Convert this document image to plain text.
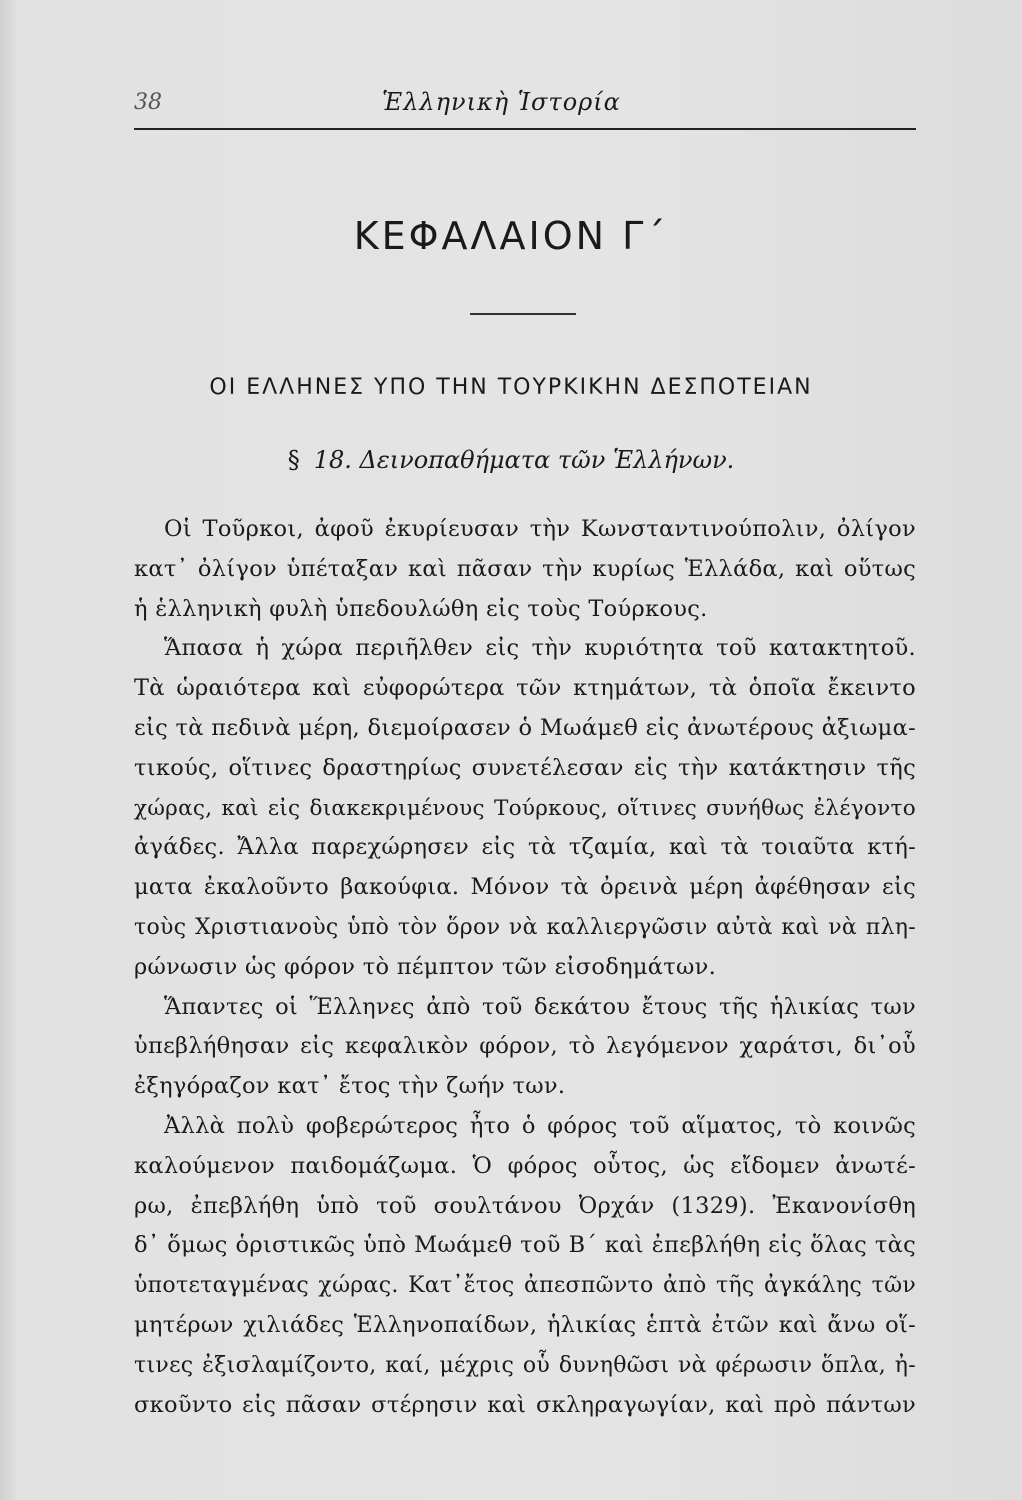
38	Ἑλληνικὴ Ἱστορία
ΚΕΦΑΛΑΙΟΝ Γ΄
ΟΙ ΕΛΛΗΝΕΣ ΥΠΟ ΤΗΝ ΤΟΥΡΚΙΚΗΝ ΔΕΣΠΟΤΕΙΑΝ
§ 18. Δεινοπαθήματα τῶν Ἑλλήνων.
Οἱ Τοῦρκοι, ἀφοῦ ἐκυρίευσαν τὴν Κωνσταντινούπολιν, ὀλίγον
κατ᾽ ὀλίγον ὑπέταξαν καὶ πᾶσαν τὴν κυρίως Ἑλλάδα, καὶ οὕτως
ἡ ἑλληνικὴ φυλὴ ὑπεδουλώθη εἰς τοὺς Τούρκους.
Ἅπασα ἡ χώρα περιῆλθεν εἰς τὴν κυριότητα τοῦ κατακτητοῦ.
Τὰ ὡραιότερα καὶ εὐφορώτερα τῶν κτημάτων, τὰ ὁποῖα ἔκειντο
εἰς τὰ πεδινὰ μέρη, διεμοίρασεν ὁ Μωάμεθ εἰς ἀνωτέρους ἀξιωμα-
τικούς, οἵτινες δραστηρίως συνετέλεσαν εἰς τὴν κατάκτησιν τῆς
χώρας, καὶ εἰς διακεκριμένους Τούρκους, οἵτινες συνήθως ἐλέγοντο
ἀγάδες. Ἄλλα παρεχώρησεν εἰς τὰ τζαμία, καὶ τὰ τοιαῦτα κτή-
ματα ἐκαλοῦντο βακούφια. Μόνον τὰ ὀρεινὰ μέρη ἀφέθησαν εἰς
τοὺς Χριστιανοὺς ὑπὸ τὸν ὅρον νὰ καλλιεργῶσιν αὐτὰ καὶ νὰ πλη-
ρώνωσιν ὡς φόρον τὸ πέμπτον τῶν εἰσοδημάτων.
Ἅπαντες οἱ Ἕλληνες ἀπὸ τοῦ δεκάτου ἔτους τῆς ἡλικίας των
ὑπεβλήθησαν εἰς κεφαλικὸν φόρον, τὸ λεγόμενον χαράτσι, δι᾽οὗ
ἐξηγόραζον κατ᾽ ἔτος τὴν ζωήν των.
Ἀλλὰ πολὺ φοβερώτερος ἦτο ὁ φόρος τοῦ αἵματος, τὸ κοινῶς
καλούμενον παιδομάζωμα. Ὁ φόρος οὗτος, ὡς εἴδομεν ἀνωτέ-
ρω, ἐπεβλήθη ὑπὸ τοῦ σουλτάνου Ὀρχάν (1329). Ἐκανονίσθη
δ᾽ ὅμως ὁριστικῶς ὑπὸ Μωάμεθ τοῦ Β΄ καὶ ἐπεβλήθη εἰς ὅλας τὰς
ὑποτεταγμένας χώρας. Κατ᾽ἔτος ἀπεσπῶντο ἀπὸ τῆς ἀγκάλης τῶν
μητέρων χιλιάδες Ἑλληνοπαίδων, ἡλικίας ἑπτὰ ἐτῶν καὶ ἄνω οἵ-
τινες ἐξισλαμίζοντο, καί, μέχρις οὗ δυνηθῶσι νὰ φέρωσιν ὅπλα, ἠ-
σκοῦντο εἰς πᾶσαν στέρησιν καὶ σκληραγωγίαν, καὶ πρὸ πάντων
